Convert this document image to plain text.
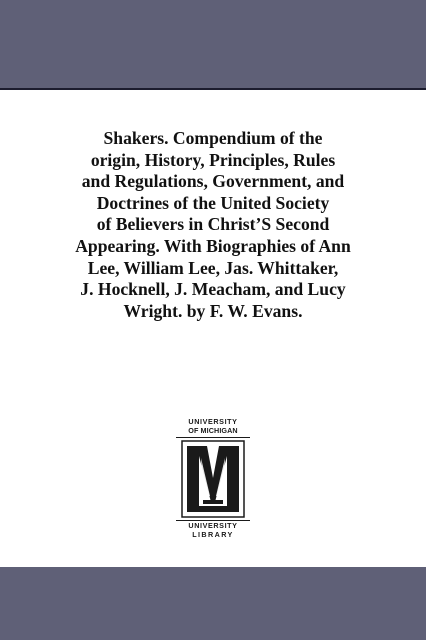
Shakers. Compendium of the
origin, History, Principles, Rules
and Regulations, Government, and
Doctrines of the United Society
of Believers in Christ’S Second
Appearing. With Biographies of Ann
Lee, William Lee, Jas. Whittaker,
J. Hocknell, J. Meacham, and Lucy
Wright. by F. W. Evans.
UNIVERSITY
OF MICHIGAN
UNIVERSITY
LIBRARY
